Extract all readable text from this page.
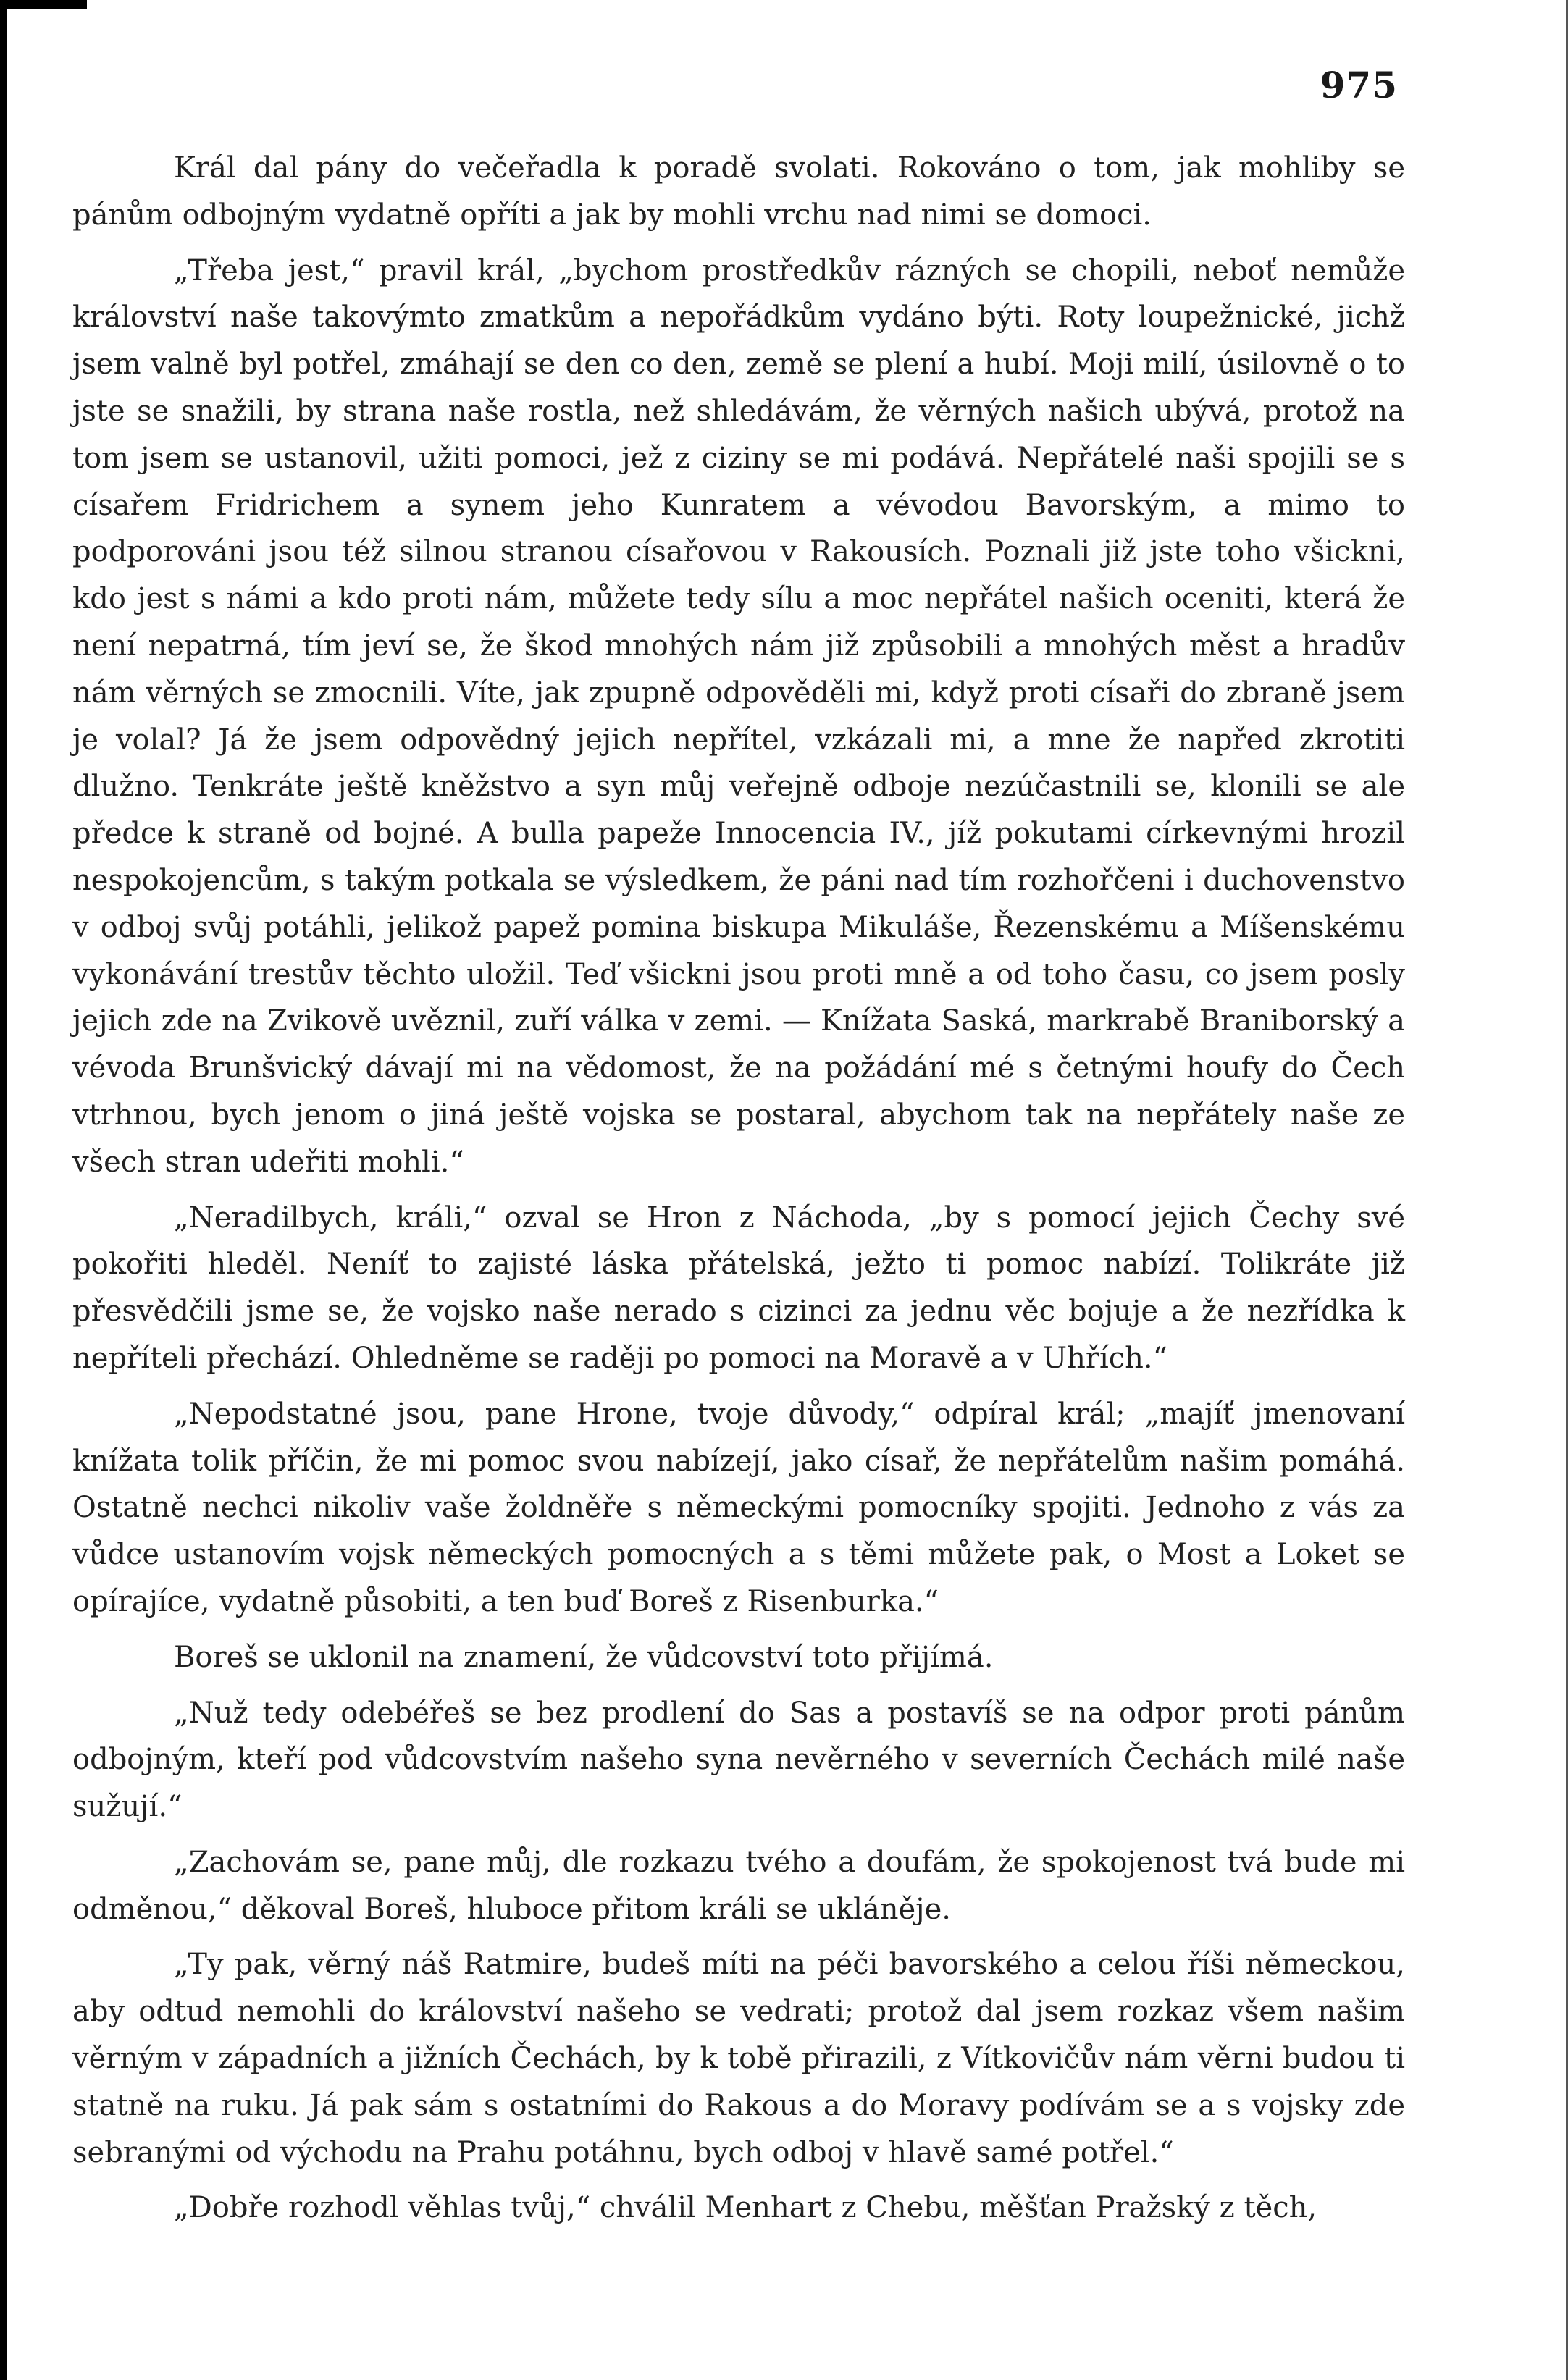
975

Král dal pány do večeřadla k poradě svolati. Rokováno o tom, jak mohliby se pánům odbojným vydatně opříti a jak by mohli vrchu nad nimi se domoci.

„Třeba jest,“ pravil král, „bychom prostředkův rázných se chopili, neboť nemůže království naše takovýmto zmatkům a nepořádkům vydáno býti. Roty loupežnické, jichž jsem valně byl potřel, zmáhají se den co den, země se plení a hubí. Moji milí, úsilovně o to jste se snažili, by strana naše rostla, než shledávám, že věrných našich ubývá, protož na tom jsem se ustanovil, užiti pomoci, jež z ciziny se mi podává. Nepřátelé naši spojili se s císařem Fridrichem a synem jeho Kunratem a vévodou Bavorským, a mimo to podporováni jsou též silnou stranou císařovou v Rakousích. Poznali již jste toho všickni, kdo jest s námi a kdo proti nám, můžete tedy sílu a moc nepřátel našich oceniti, která že není nepatrná, tím jeví se, že škod mnohých nám již způsobili a mnohých měst a hradův nám věrných se zmocnili. Víte, jak zpupně odpověděli mi, když proti císaři do zbraně jsem je volal? Já že jsem odpovědný jejich nepřítel, vzkázali mi, a mne že napřed zkrotiti dlužno. Tenkráte ještě kněžstvo a syn můj veřejně odboje nezúčastnili se, klonili se ale předce k straně od bojné. A bulla papeže Innocencia IV., jíž pokutami církevnými hrozil nespokojencům, s takým potkala se výsledkem, že páni nad tím rozhořčeni i duchovenstvo v odboj svůj potáhli, jelikož papež pomina biskupa Mikuláše, Řezenskému a Míšenskému vykonávání trestův těchto uložil. Teď všickni jsou proti mně a od toho času, co jsem posly jejich zde na Zvikově uvěznil, zuří válka v zemi. — Knížata Saská, markrabě Braniborský a vévoda Brunšvický dávají mi na vědomost, že na požádání mé s četnými houfy do Čech vtrhnou, bych jenom o jiná ještě vojska se postaral, abychom tak na nepřátely naše ze všech stran udeřiti mohli.“

„Neradilbych, králi,“ ozval se Hron z Náchoda, „by s pomocí jejich Čechy své pokořiti hleděl. Neníť to zajisté láska přátelská, ježto ti pomoc nabízí. Tolikráte již přesvědčili jsme se, že vojsko naše nerado s cizinci za jednu věc bojuje a že nezřídka k nepříteli přechází. Ohledněme se raději po pomoci na Moravě a v Uhřích.“

„Nepodstatné jsou, pane Hrone, tvoje důvody,“ odpíral král; „majíť jmenovaní knížata tolik příčin, že mi pomoc svou nabízejí, jako císař, že nepřátelům našim pomáhá. Ostatně nechci nikoliv vaše žoldněře s německými pomocníky spojiti. Jednoho z vás za vůdce ustanovím vojsk německých pomocných a s těmi můžete pak, o Most a Loket se opírajíce, vydatně působiti, a ten buď Boreš z Risenburka.“

Boreš se uklonil na znamení, že vůdcovství toto přijímá.

„Nuž tedy odebéřeš se bez prodlení do Sas a postavíš se na odpor proti pánům odbojným, kteří pod vůdcovstvím našeho syna nevěrného v severních Čechách milé naše sužují.“

„Zachovám se, pane můj, dle rozkazu tvého a doufám, že spokojenost tvá bude mi odměnou,“ děkoval Boreš, hluboce přitom králi se ukláněje.

„Ty pak, věrný náš Ratmire, budeš míti na péči bavorského a celou říši německou, aby odtud nemohli do království našeho se vedrati; protož dal jsem rozkaz všem našim věrným v západních a jižních Čechách, by k tobě přirazili, z Vítkovičův nám věrni budou ti statně na ruku. Já pak sám s ostatními do Rakous a do Moravy podívám se a s vojsky zde sebranými od východu na Prahu potáhnu, bych odboj v hlavě samé potřel.“

„Dobře rozhodl věhlas tvůj,“ chválil Menhart z Chebu, měšťan Pražský z těch,
